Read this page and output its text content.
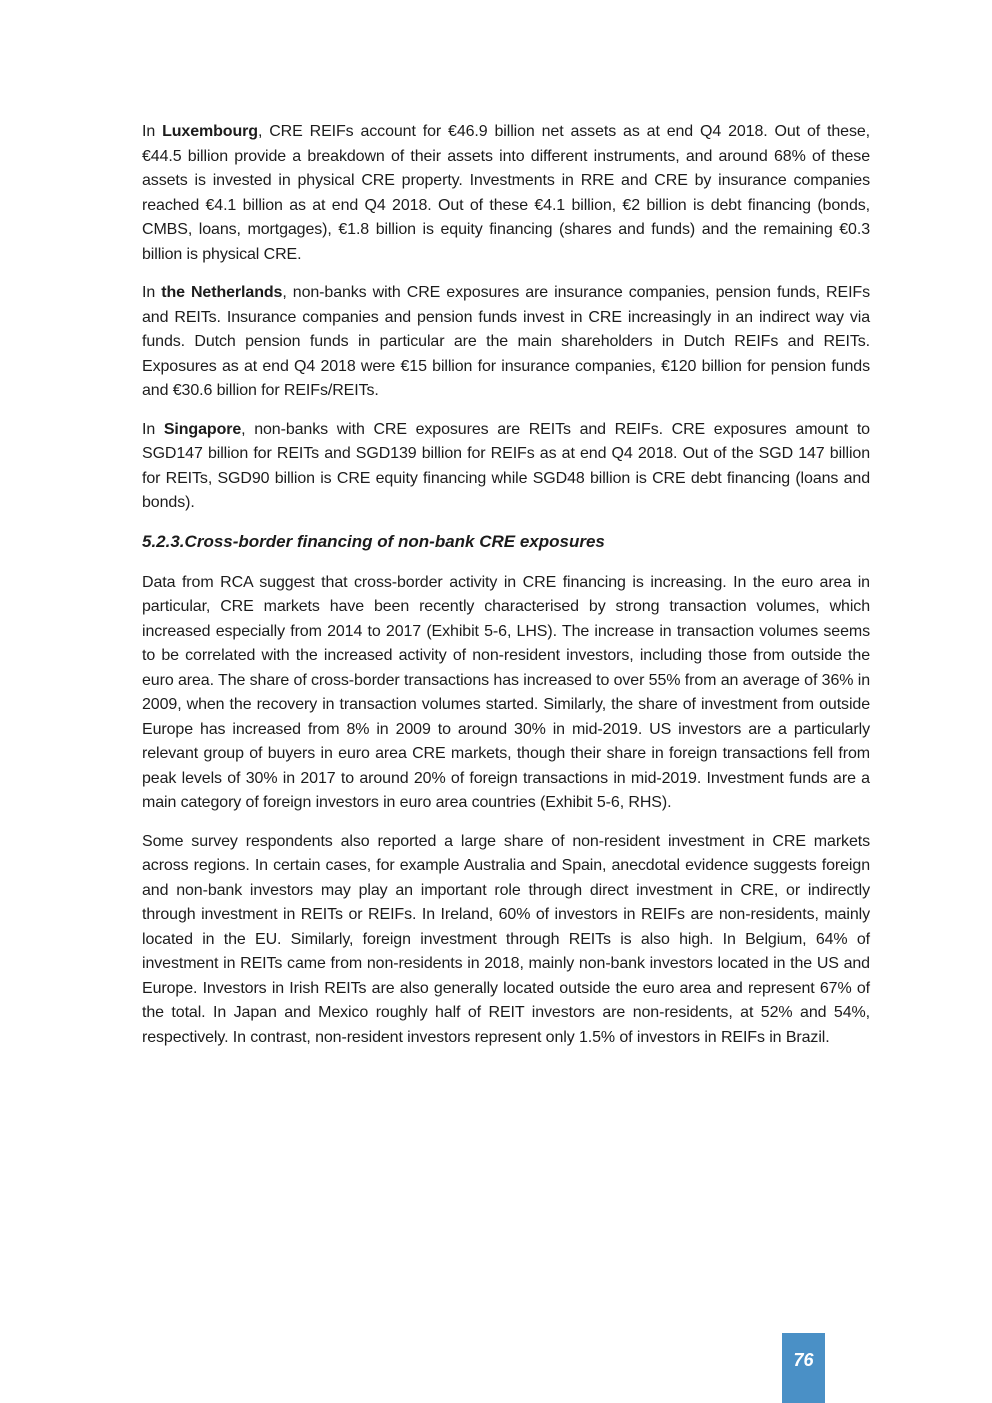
In Luxembourg, CRE REIFs account for €46.9 billion net assets as at end Q4 2018. Out of these, €44.5 billion provide a breakdown of their assets into different instruments, and around 68% of these assets is invested in physical CRE property. Investments in RRE and CRE by insurance companies reached €4.1 billion as at end Q4 2018. Out of these €4.1 billion, €2 billion is debt financing (bonds, CMBS, loans, mortgages), €1.8 billion is equity financing (shares and funds) and the remaining €0.3 billion is physical CRE.

In the Netherlands, non-banks with CRE exposures are insurance companies, pension funds, REIFs and REITs. Insurance companies and pension funds invest in CRE increasingly in an indirect way via funds. Dutch pension funds in particular are the main shareholders in Dutch REIFs and REITs. Exposures as at end Q4 2018 were €15 billion for insurance companies, €120 billion for pension funds and €30.6 billion for REIFs/REITs.

In Singapore, non-banks with CRE exposures are REITs and REIFs. CRE exposures amount to SGD147 billion for REITs and SGD139 billion for REIFs as at end Q4 2018. Out of the SGD 147 billion for REITs, SGD90 billion is CRE equity financing while SGD48 billion is CRE debt financing (loans and bonds).

5.2.3.Cross-border financing of non-bank CRE exposures

Data from RCA suggest that cross-border activity in CRE financing is increasing. In the euro area in particular, CRE markets have been recently characterised by strong transaction volumes, which increased especially from 2014 to 2017 (Exhibit 5-6, LHS). The increase in transaction volumes seems to be correlated with the increased activity of non-resident investors, including those from outside the euro area. The share of cross-border transactions has increased to over 55% from an average of 36% in 2009, when the recovery in transaction volumes started. Similarly, the share of investment from outside Europe has increased from 8% in 2009 to around 30% in mid-2019. US investors are a particularly relevant group of buyers in euro area CRE markets, though their share in foreign transactions fell from peak levels of 30% in 2017 to around 20% of foreign transactions in mid-2019. Investment funds are a main category of foreign investors in euro area countries (Exhibit 5-6, RHS).

Some survey respondents also reported a large share of non-resident investment in CRE markets across regions. In certain cases, for example Australia and Spain, anecdotal evidence suggests foreign and non-bank investors may play an important role through direct investment in CRE, or indirectly through investment in REITs or REIFs. In Ireland, 60% of investors in REIFs are non-residents, mainly located in the EU. Similarly, foreign investment through REITs is also high. In Belgium, 64% of investment in REITs came from non-residents in 2018, mainly non-bank investors located in the US and Europe. Investors in Irish REITs are also generally located outside the euro area and represent 67% of the total. In Japan and Mexico roughly half of REIT investors are non-residents, at 52% and 54%, respectively. In contrast, non-resident investors represent only 1.5% of investors in REIFs in Brazil.

76
